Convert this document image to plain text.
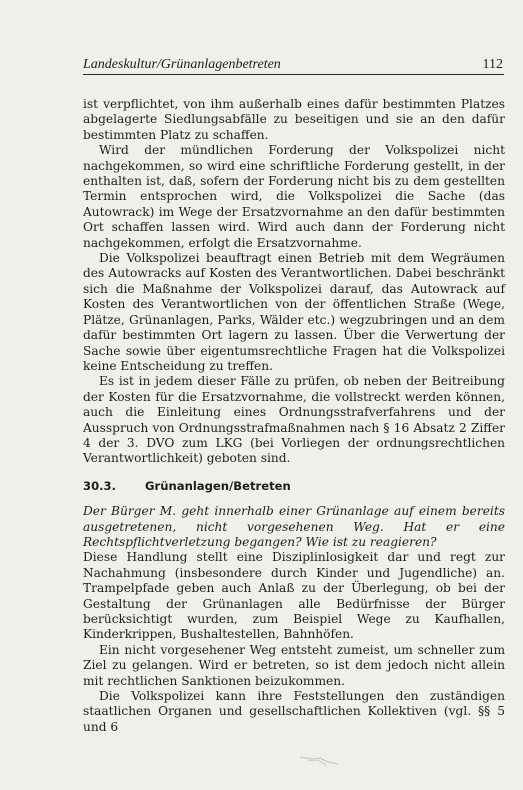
Landeskultur/Grünanlagenbetreten	112

ist verpflichtet, von ihm außerhalb eines dafür bestimmten Platzes abgelagerte Siedlungsabfälle zu beseitigen und sie an den dafür bestimmten Platz zu schaffen.

Wird der mündlichen Forderung der Volkspolizei nicht nachgekommen, so wird eine schriftliche Forderung gestellt, in der enthalten ist, daß, sofern der Forderung nicht bis zu dem gestellten Termin entsprochen wird, die Volkspolizei die Sache (das Autowrack) im Wege der Ersatzvornahme an den dafür bestimmten Ort schaffen lassen wird. Wird auch dann der Forderung nicht nachgekommen, erfolgt die Ersatzvornahme.

Die Volkspolizei beauftragt einen Betrieb mit dem Wegräumen des Autowracks auf Kosten des Verantwortlichen. Dabei beschränkt sich die Maßnahme der Volkspolizei darauf, das Autowrack auf Kosten des Verantwortlichen von der öffentlichen Straße (Wege, Plätze, Grünanlagen, Parks, Wälder etc.) wegzubringen und an dem dafür bestimmten Ort lagern zu lassen. Über die Verwertung der Sache sowie über eigentumsrechtliche Fragen hat die Volkspolizei keine Entscheidung zu treffen.

Es ist in jedem dieser Fälle zu prüfen, ob neben der Beitreibung der Kosten für die Ersatzvornahme, die vollstreckt werden können, auch die Einleitung eines Ordnungsstrafverfahrens und der Ausspruch von Ordnungsstrafmaßnahmen nach § 16 Absatz 2 Ziffer 4 der 3. DVO zum LKG (bei Vorliegen der ordnungsrechtlichen Verantwortlichkeit) geboten sind.

30.3.	Grünanlagen/Betreten

Der Bürger M. geht innerhalb einer Grünanlage auf einem bereits ausgetretenen, nicht vorgesehenen Weg. Hat er eine Rechtspflichtverletzung begangen? Wie ist zu reagieren?

Diese Handlung stellt eine Disziplinlosigkeit dar und regt zur Nachahmung (insbesondere durch Kinder und Jugendliche) an. Trampelpfade geben auch Anlaß zu der Überlegung, ob bei der Gestaltung der Grünanlagen alle Bedürfnisse der Bürger berücksichtigt wurden, zum Beispiel Wege zu Kaufhallen, Kinderkrippen, Bushaltestellen, Bahnhöfen.

Ein nicht vorgesehener Weg entsteht zumeist, um schneller zum Ziel zu gelangen. Wird er betreten, so ist dem jedoch nicht allein mit rechtlichen Sanktionen beizukommen.

Die Volkspolizei kann ihre Feststellungen den zuständigen staatlichen Organen und gesellschaftlichen Kollektiven (vgl. §§ 5 und 6
